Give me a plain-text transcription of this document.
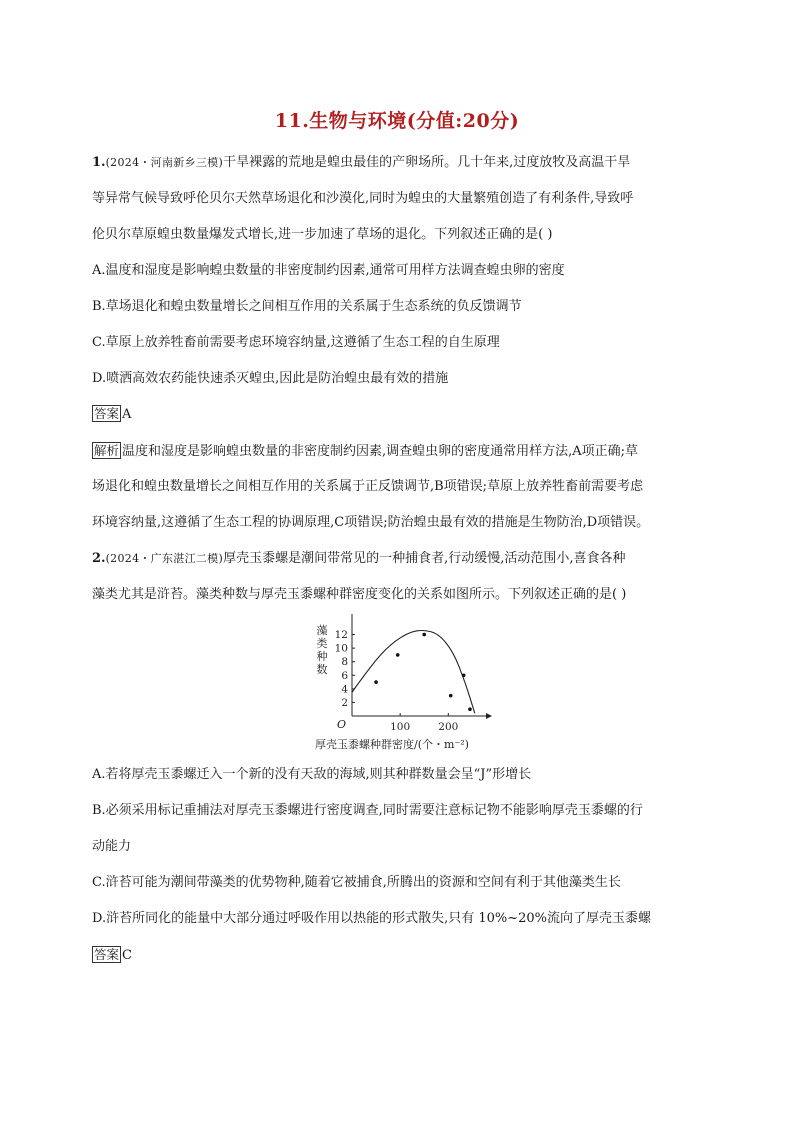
11.生物与环境(分值:20分)
1.(2024・河南新乡三模)干旱裸露的荒地是蝗虫最佳的产卵场所。几十年来,过度放牧及高温干旱
等异常气候导致呼伦贝尔天然草场退化和沙漠化,同时为蝗虫的大量繁殖创造了有利条件,导致呼
伦贝尔草原蝗虫数量爆发式增长,进一步加速了草场的退化。下列叙述正确的是( )
A.温度和湿度是影响蝗虫数量的非密度制约因素,通常可用样方法调查蝗虫卵的密度
B.草场退化和蝗虫数量增长之间相互作用的关系属于生态系统的负反馈调节
C.草原上放养牲畜前需要考虑环境容纳量,这遵循了生态工程的自生原理
D.喷洒高效农药能快速杀灭蝗虫,因此是防治蝗虫最有效的措施
答案 A
解析 温度和湿度是影响蝗虫数量的非密度制约因素,调查蝗虫卵的密度通常用样方法,A项正确;草
场退化和蝗虫数量增长之间相互作用的关系属于正反馈调节,B项错误;草原上放养牲畜前需要考虑
环境容纳量,这遵循了生态工程的协调原理,C项错误;防治蝗虫最有效的措施是生物防治,D项错误。
2.(2024・广东湛江二模)厚壳玉黍螺是潮间带常见的一种捕食者,行动缓慢,活动范围小,喜食各种
藻类尤其是浒苔。藻类种数与厚壳玉黍螺种群密度变化的关系如图所示。下列叙述正确的是( )
2
4
6
8
10
12
100	200
O
藻
类
种
数
厚壳玉黍螺种群密度/(个・m⁻²)
A.若将厚壳玉黍螺迁入一个新的没有天敌的海域,则其种群数量会呈“J”形增长
B.必须采用标记重捕法对厚壳玉黍螺进行密度调查,同时需要注意标记物不能影响厚壳玉黍螺的行
动能力
C.浒苔可能为潮间带藻类的优势物种,随着它被捕食,所腾出的资源和空间有利于其他藻类生长
D.浒苔所同化的能量中大部分通过呼吸作用以热能的形式散失,只有 10%~20%流向了厚壳玉黍螺
答案 C
